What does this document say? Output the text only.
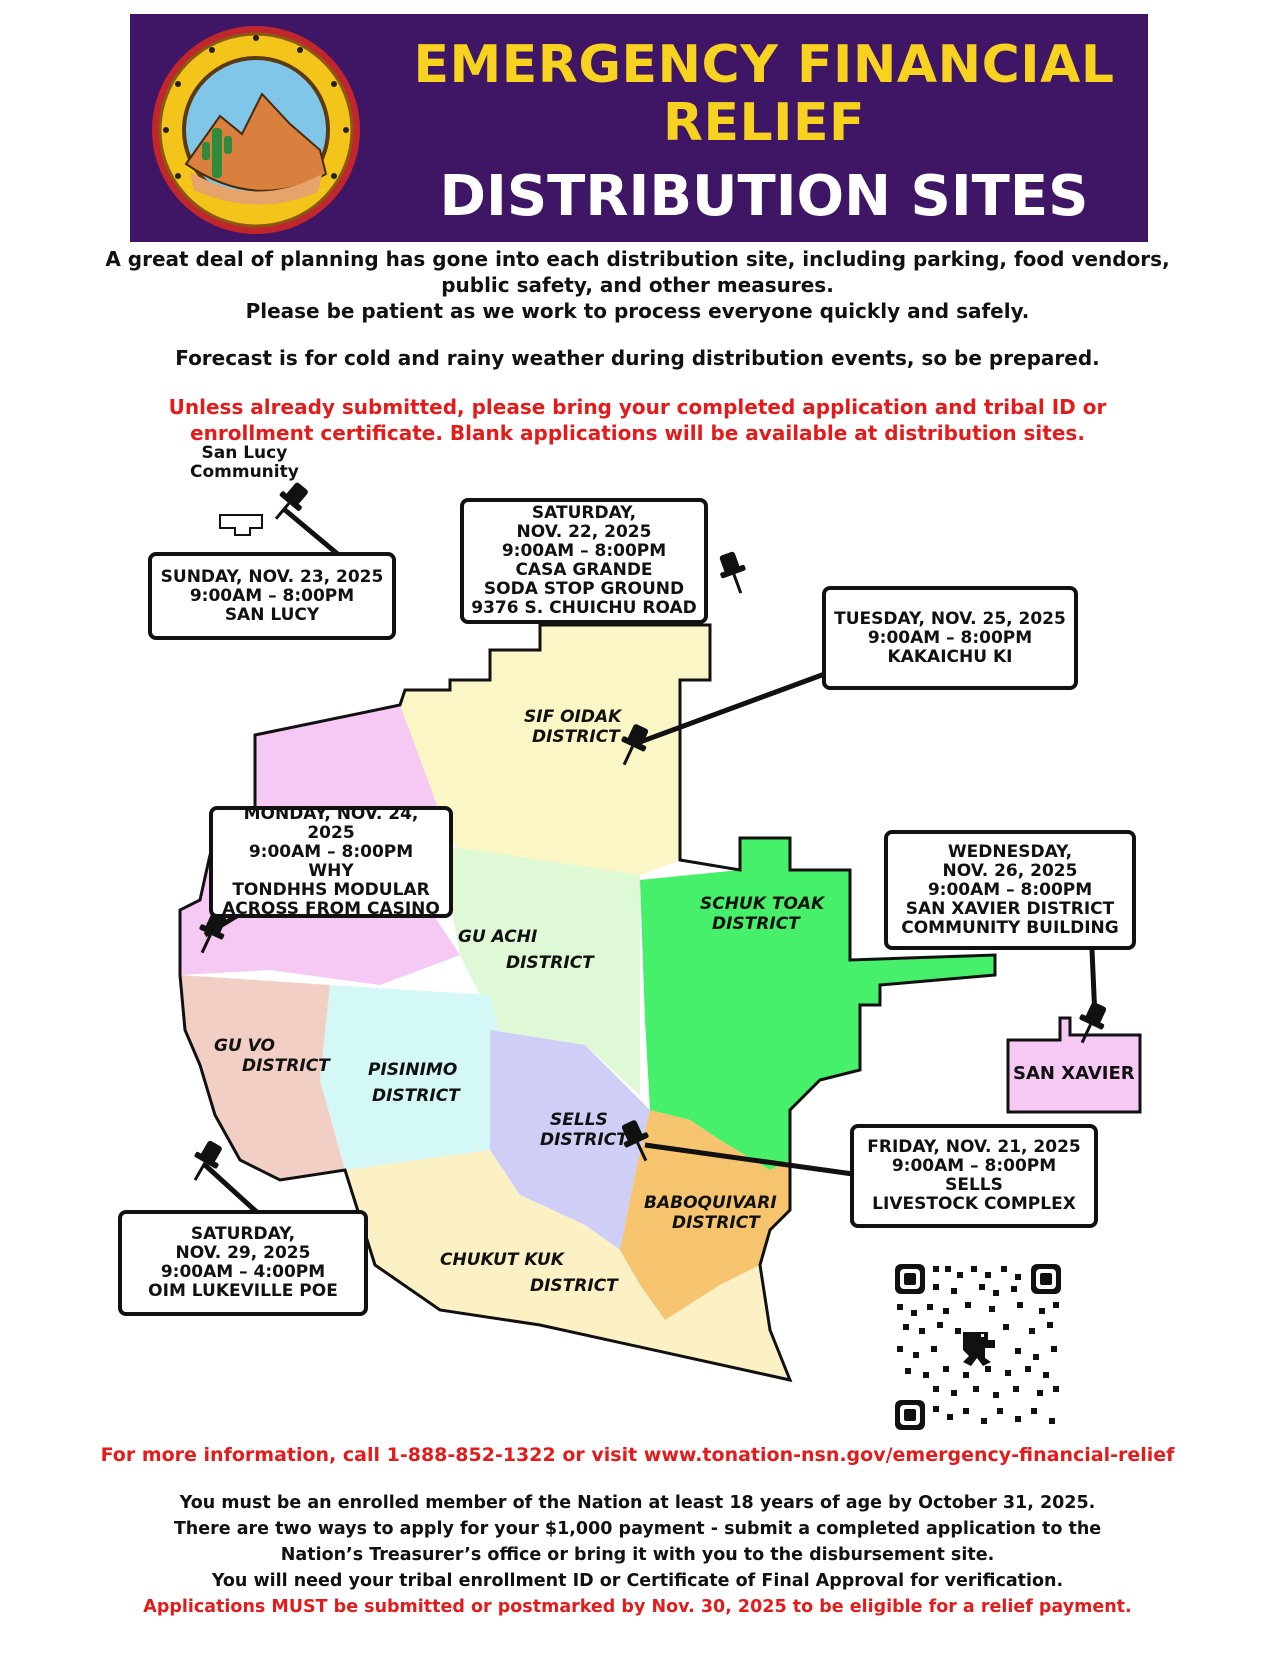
EMERGENCY FINANCIAL
RELIEF
DISTRIBUTION SITES
A great deal of planning has gone into each distribution site, including parking, food vendors,
public safety, and other measures.
Please be patient as we work to process everyone quickly and safely.
Forecast is for cold and rainy weather during distribution events, so be prepared.
Unless already submitted, please bring your completed application and tribal ID or
enrollment certificate. Blank applications will be available at distribution sites.
San Lucy
Community
SIF OIDAK
DISTRICT
GU ACHI
DISTRICT
SCHUK TOAK
DISTRICT
GU VO
DISTRICT PISINIMO
DISTRICT
SELLS
DISTRICT
BABOQUIVARI
DISTRICT
CHUKUT KUK
DISTRICT
SAN XAVIER
SUNDAY, NOV. 23, 2025
9:00AM – 8:00PM
SAN LUCY
SATURDAY,
NOV. 22, 2025
9:00AM – 8:00PM
CASA GRANDE
SODA STOP GROUND
9376 S. CHUICHU ROAD
TUESDAY, NOV. 25, 2025
9:00AM – 8:00PM
KAKAICHU KI
MONDAY, NOV. 24, 2025
9:00AM – 8:00PM
WHY
TONDHHS MODULAR
ACROSS FROM CASINO
WEDNESDAY,
NOV. 26, 2025
9:00AM – 8:00PM
SAN XAVIER DISTRICT
COMMUNITY BUILDING
FRIDAY, NOV. 21, 2025
9:00AM – 8:00PM
SELLS
LIVESTOCK COMPLEX
SATURDAY,
NOV. 29, 2025
9:00AM – 4:00PM
OIM LUKEVILLE POE
For more information, call 1-888-852-1322 or visit www.tonation-nsn.gov/emergency-financial-relief
You must be an enrolled member of the Nation at least 18 years of age by October 31, 2025.
There are two ways to apply for your $1,000 payment - submit a completed application to the
Nation’s Treasurer’s office or bring it with you to the disbursement site.
You will need your tribal enrollment ID or Certificate of Final Approval for verification.
Applications MUST be submitted or postmarked by Nov. 30, 2025 to be eligible for a relief payment.
